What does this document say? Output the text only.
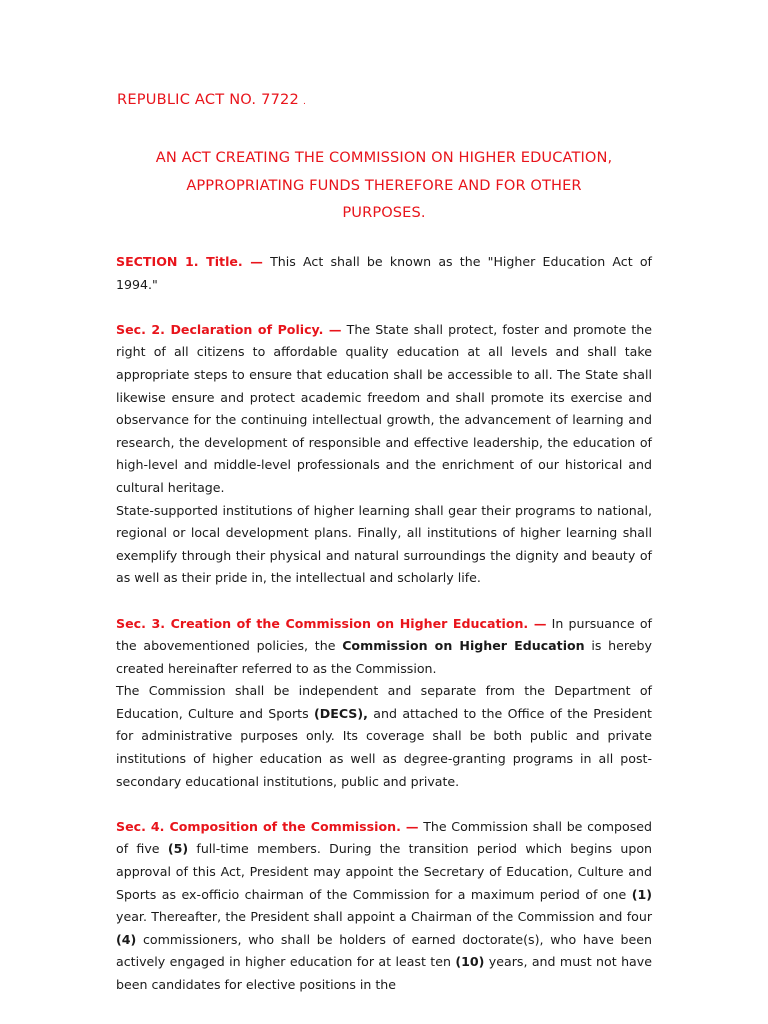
REPUBLIC ACT NO. 7722 .
AN ACT CREATING THE COMMISSION ON HIGHER EDUCATION,
APPROPRIATING FUNDS THEREFORE AND FOR OTHER
PURPOSES.

SECTION 1. Title. — This Act shall be known as the "Higher Education Act of 1994."

Sec. 2. Declaration of Policy. — The State shall protect, foster and promote the right of all citizens to affordable quality education at all levels and shall take appropriate steps to ensure that education shall be accessible to all. The State shall likewise ensure and protect academic freedom and shall promote its exercise and observance for the continuing intellectual growth, the advancement of learning and research, the development of responsible and effective leadership, the education of high-level and middle-level professionals and the enrichment of our historical and cultural heritage.

State-supported institutions of higher learning shall gear their programs to national, regional or local development plans. Finally, all institutions of higher learning shall exemplify through their physical and natural surroundings the dignity and beauty of as well as their pride in, the intellectual and scholarly life.

Sec. 3. Creation of the Commission on Higher Education. — In pursuance of the abovementioned policies, the Commission on Higher Education is hereby created hereinafter referred to as the Commission.

The Commission shall be independent and separate from the Department of Education, Culture and Sports (DECS), and attached to the Office of the President for administrative purposes only. Its coverage shall be both public and private institutions of higher education as well as degree-granting programs in all post-secondary educational institutions, public and private.

Sec. 4. Composition of the Commission. — The Commission shall be composed of five (5) full-time members. During the transition period which begins upon approval of this Act, President may appoint the Secretary of Education, Culture and Sports as ex-officio chairman of the Commission for a maximum period of one (1) year. Thereafter, the President shall appoint a Chairman of the Commission and four (4) commissioners, who shall be holders of earned doctorate(s), who have been actively engaged in higher education for at least ten (10) years, and must not have been candidates for elective positions in the
